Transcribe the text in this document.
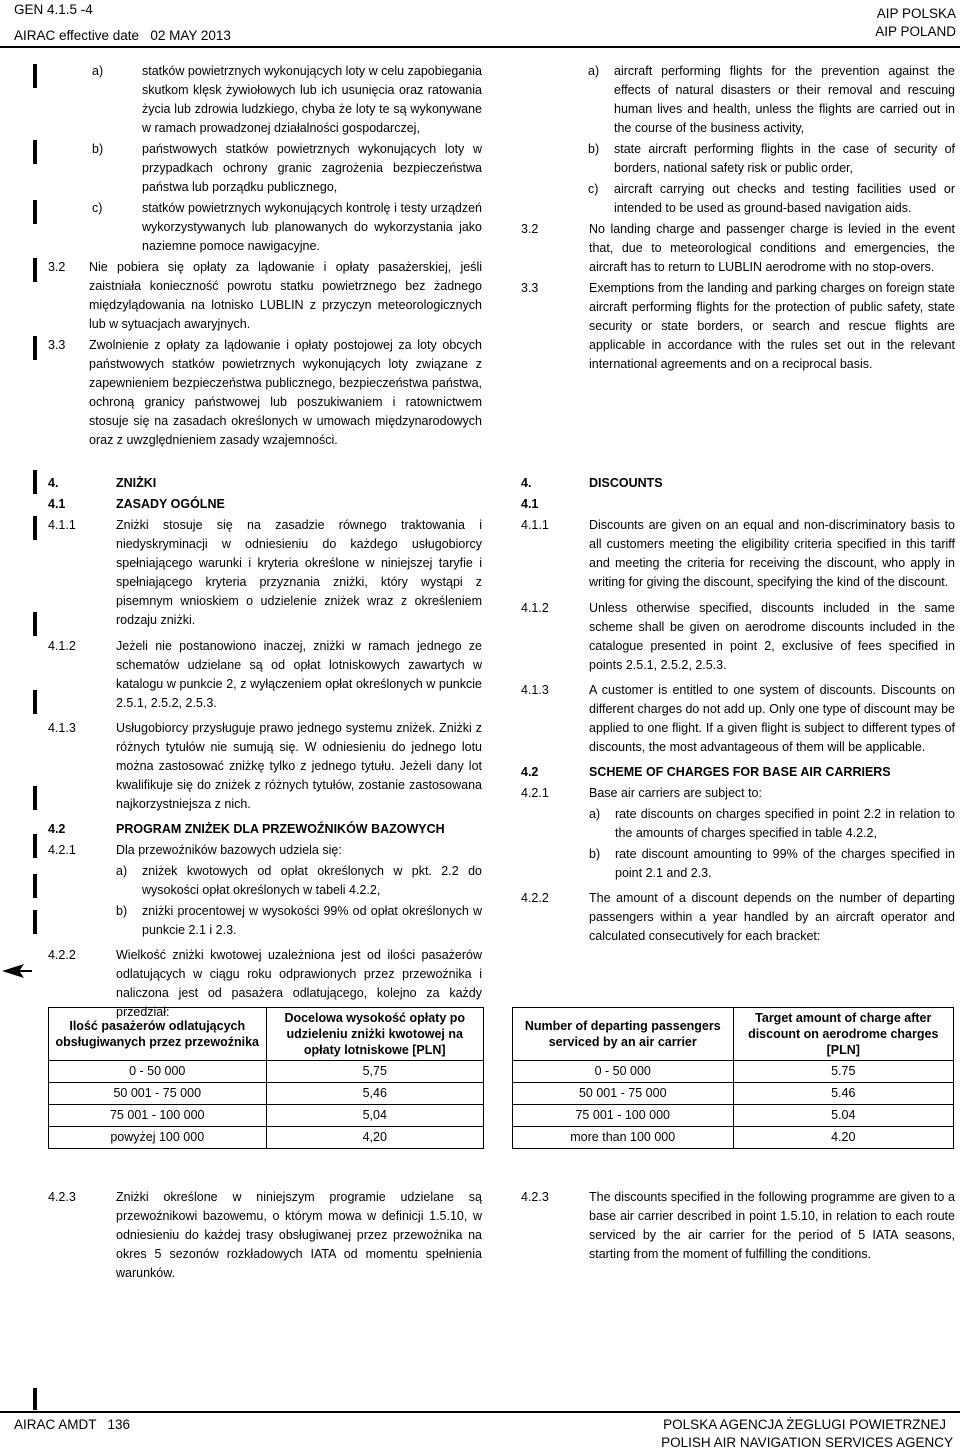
GEN 4.1.5 -4
AIRAC effective date   02 MAY 2013
AIP POLSKA
AIP POLAND
a)	statków powietrznych wykonujących loty w celu zapobiegania skutkom klęsk żywiołowych lub ich usunięcia oraz ratowania życia lub zdrowia ludzkiego, chyba że loty te są wykonywane w ramach prowadzonej działalności gospodarczej,
b)	państwowych statków powietrznych wykonujących loty w przypadkach ochrony granic zagrożenia bezpieczeństwa państwa lub porządku publicznego,
c)	statków powietrznych wykonujących kontrolę i testy urządzeń wykorzystywanych lub planowanych do wykorzystania jako naziemne pomoce nawigacyjne.
3.2 Nie pobiera się opłaty za lądowanie i opłaty pasażerskiej, jeśli zaistniała konieczność powrotu statku powietrznego bez żadnego międzylądowania na lotnisko LUBLIN z przyczyn meteorologicznych lub w sytuacjach awaryjnych.
3.3 Zwolnienie z opłaty za lądowanie i opłaty postojowej za loty obcych państwowych statków powietrznych wykonujących loty związane z zapewnieniem bezpieczeństwa publicznego, bezpieczeństwa państwa, ochroną granicy państwowej lub poszukiwaniem i ratownictwem stosuje się na zasadach określonych w umowach międzynarodowych oraz z uwzględnieniem zasady wzajemności.
a) aircraft performing flights for the prevention against the effects of natural disasters or their removal and rescuing human lives and health, unless the flights are carried out in the course of the business activity,
b) state aircraft performing flights in the case of security of borders, national safety risk or public order,
c) aircraft carrying out checks and testing facilities used or intended to be used as ground-based navigation aids.
3.2	No landing charge and passenger charge is levied in the event that, due to meteorological conditions and emergencies, the aircraft has to return to LUBLIN aerodrome with no stop-overs.
3.3	Exemptions from the landing and parking charges on foreign state aircraft performing flights for the protection of public safety, state security or state borders, or search and rescue flights are applicable in accordance with the rules set out in the relevant international agreements and on a reciprocal basis.
4.	ZNIŻKI
4.1	ZASADY OGÓLNE
4.1.1	Zniżki stosuje się na zasadzie równego traktowania i niedyskryminacji w odniesieniu do każdego usługobiorcy spełniającego warunki i kryteria określone w niniejszej taryfie i spełniającego kryteria przyznania zniżki, który wystąpi z pisemnym wnioskiem o udzielenie zniżek wraz z określeniem rodzaju zniżki.
4.1.2	Jeżeli nie postanowiono inaczej, zniżki w ramach jednego ze schematów udzielane są od opłat lotniskowych zawartych w katalogu w punkcie 2, z wyłączeniem opłat określonych w punkcie 2.5.1, 2.5.2, 2.5.3.
4.1.3	Usługobiorcy przysługuje prawo jednego systemu zniżek. Zniżki z różnych tytułów nie sumują się. W odniesieniu do jednego lotu można zastosować zniżkę tylko z jednego tytułu. Jeżeli dany lot kwalifikuje się do zniżek z różnych tytułów, zostanie zastosowana najkorzystniejsza z nich.
4.2	PROGRAM ZNIŻEK DLA PRZEWOŹNIKÓW BAZOWYCH
4.2.1	Dla przewoźników bazowych udziela się:
a) zniżek kwotowych od opłat określonych w pkt. 2.2 do wysokości opłat określonych w tabeli 4.2.2,
b) zniżki procentowej w wysokości 99% od opłat określonych w punkcie 2.1 i 2.3.
4.2.2	Wielkość zniżki kwotowej uzależniona jest od ilości pasażerów odlatujących w ciągu roku odprawionych przez przewoźnika i naliczona jest od pasażera odlatującego, kolejno za każdy przedział:
4.	DISCOUNTS
4.1
4.1.1	Discounts are given on an equal and non-discriminatory basis to all customers meeting the eligibility criteria specified in this tariff and meeting the criteria for receiving the discount, who apply in writing for giving the discount, specifying the kind of the discount.
4.1.2	Unless otherwise specified, discounts included in the same scheme shall be given on aerodrome discounts included in the catalogue presented in point 2, exclusive of fees specified in points 2.5.1, 2.5.2, 2.5.3.
4.1.3	A customer is entitled to one system of discounts. Discounts on different charges do not add up. Only one type of discount may be applied to one flight. If a given flight is subject to different types of discounts, the most advantageous of them will be applicable.
4.2	SCHEME OF CHARGES FOR BASE AIR CARRIERS
4.2.1	Base air carriers are subject to:
a) rate discounts on charges specified in point 2.2 in relation to the amounts of charges specified in table 4.2.2,
b) rate discount amounting to 99% of the charges specified in point 2.1 and 2.3.
4.2.2	The amount of a discount depends on the number of departing passengers within a year handled by an aircraft operator and calculated consecutively for each bracket:
Ilość pasażerów odlatujących obsługiwanych przez przewoźnika	Docelowa wysokość opłaty po udzieleniu zniżki kwotowej na opłaty lotniskowe [PLN]
0 - 50 000	5,75
50 001 - 75 000	5,46
75 001 - 100 000	5,04
powyżej 100 000	4,20
Number of departing passengers serviced by an air carrier	Target amount of charge after discount on aerodrome charges [PLN]
0 - 50 000	5.75
50 001 - 75 000	5.46
75 001 - 100 000	5.04
more than 100 000	4.20
4.2.3	Zniżki określone w niniejszym programie udzielane są przewoźnikowi bazowemu, o którym mowa w definicji 1.5.10, w odniesieniu do każdej trasy obsługiwanej przez przewoźnika na okres 5 sezonów rozkładowych IATA od momentu spełnienia warunków.
4.2.3	The discounts specified in the following programme are given to a base air carrier described in point 1.5.10, in relation to each route serviced by the air carrier for the period of 5 IATA seasons, starting from the moment of fulfilling the conditions.
AIRAC AMDT   136	POLSKA AGENCJA ŻEGLUGI POWIETRZNEJ
POLISH AIR NAVIGATION SERVICES AGENCY
